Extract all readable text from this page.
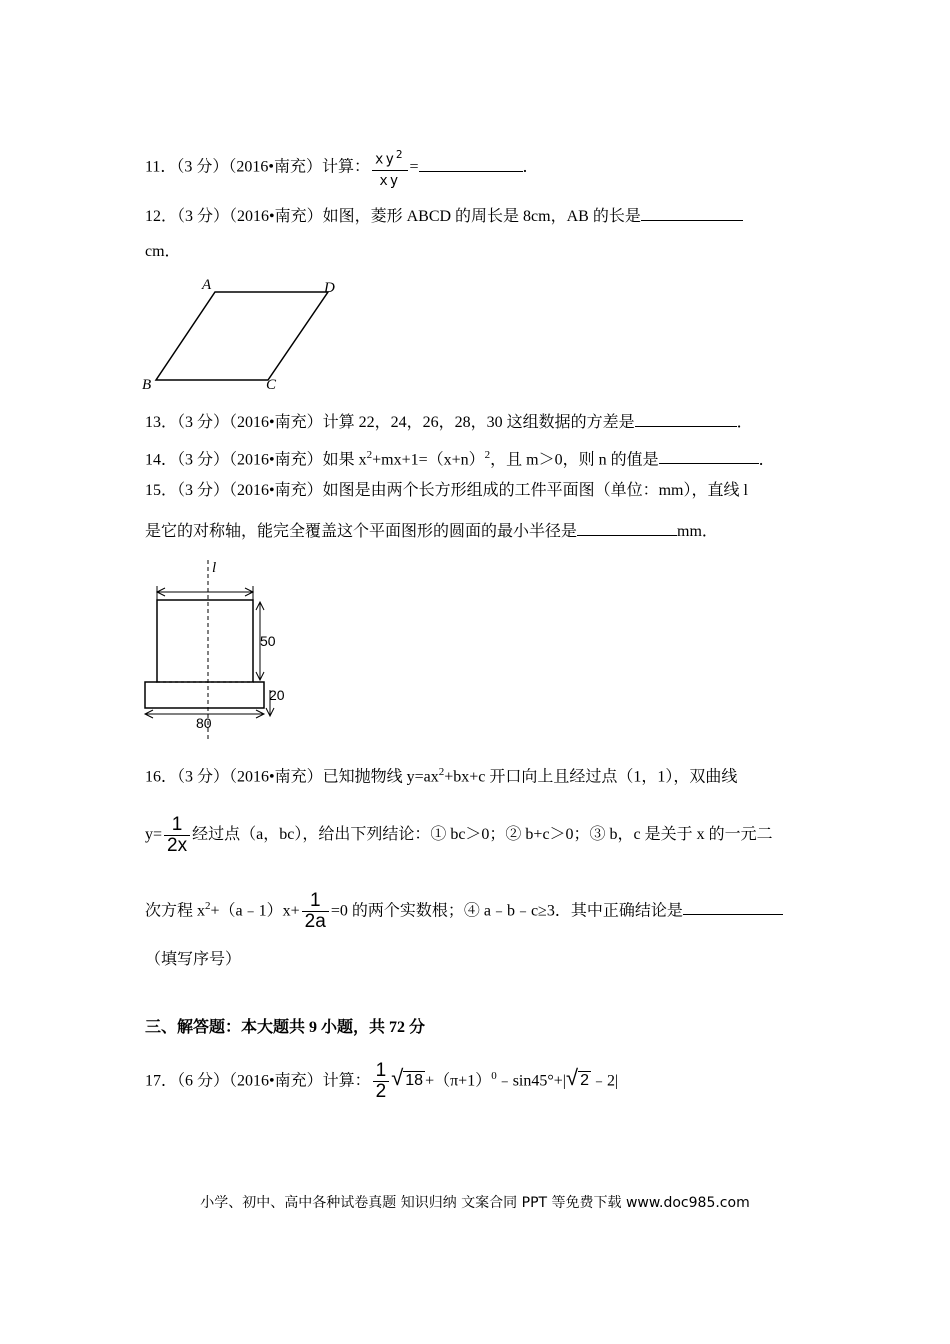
11．（3 分）（2016•南充）计算： $\frac{xy^2}{xy}$ =	．
12．（3 分）（2016•南充）如图，菱形 ABCD 的周长是 8cm，AB 的长是
cm．
A	D
B	C
13．（3 分）（2016•南充）计算 22，24，26，28，30 这组数据的方差是	．
14．（3 分）（2016•南充）如果 $x^2+mx+1=(x+n)^2$，且 m＞0，则 n 的值是	．
15．（3 分）（2016•南充）如图是由两个长方形组成的工件平面图（单位：mm），直线 l
是它的对称轴，能完全覆盖这个平面图形的圆面的最小半径是	mm．
l
50
20
80
16．（3 分）（2016•南充）已知抛物线 $y=ax^2+bx+c$ 开口向上且经过点（1，1），双曲线
$y= \frac{1}{2x}$ 经过点（a，bc），给出下列结论：① bc＞0；② b+c＞0；③ b，c 是关于 x 的一元二
次方程 $x^2+(a﹣1)x+ \frac{1}{2a} =0$ 的两个实数根；④ a﹣b﹣c≥3．其中正确结论是
（填写序号）
三、解答题：本大题共 9 小题，共 72 分
17．（6 分）（2016•南充）计算： $\frac{1}{2}$ √ $18 +(\pi+1)^0﹣\sin 45^\circ+|√$ 2 ﹣2|
小学、初中、高中各种试卷真题 知识归纳 文案合同 PPT 等免费下载 www.doc985.com
